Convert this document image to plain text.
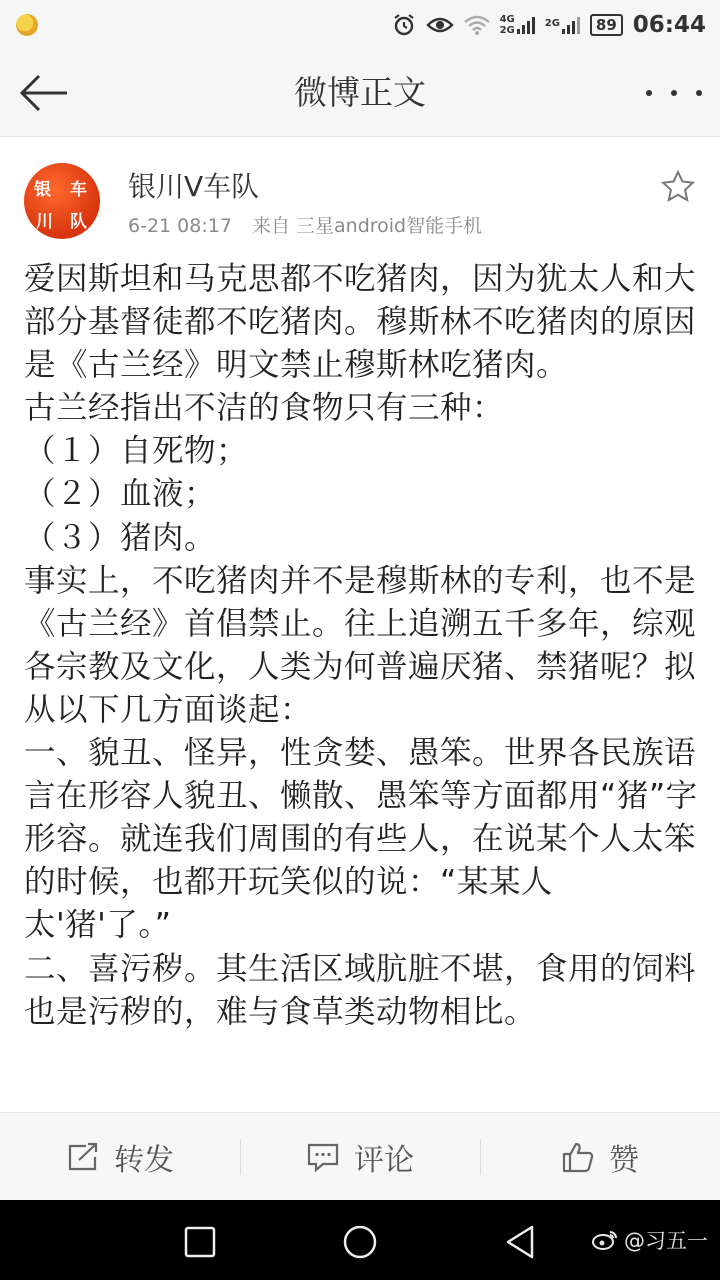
4G
2G
2G	89 06:44
微博正文
银 车
川 队
银川V车队
6-21 08:17 来自 三星android智能手机

爱因斯坦和马克思都不吃猪肉，因为犹太人和大部分基督徒都不吃猪肉。穆斯林不吃猪肉的原因是《古兰经》明文禁止穆斯林吃猪肉。

古兰经指出不洁的食物只有三种：

（１）自死物；

（２）血液；

（３）猪肉。

事实上，不吃猪肉并不是穆斯林的专利，也不是《古兰经》首倡禁止。往上追溯五千多年，综观各宗教及文化，人类为何普遍厌猪、禁猪呢？拟从以下几方面谈起：

一、貌丑、怪异，性贪婪、愚笨。世界各民族语言在形容人貌丑、懒散、愚笨等方面都用“猪”字形容。就连我们周围的有些人，在说某个人太笨的时候，也都开玩笑似的说：“某某人太'猪'了。”

二、喜污秽。其生活区域肮脏不堪，食用的饲料也是污秽的，难与食草类动物相比。

转发	评论	赞
@习五一
